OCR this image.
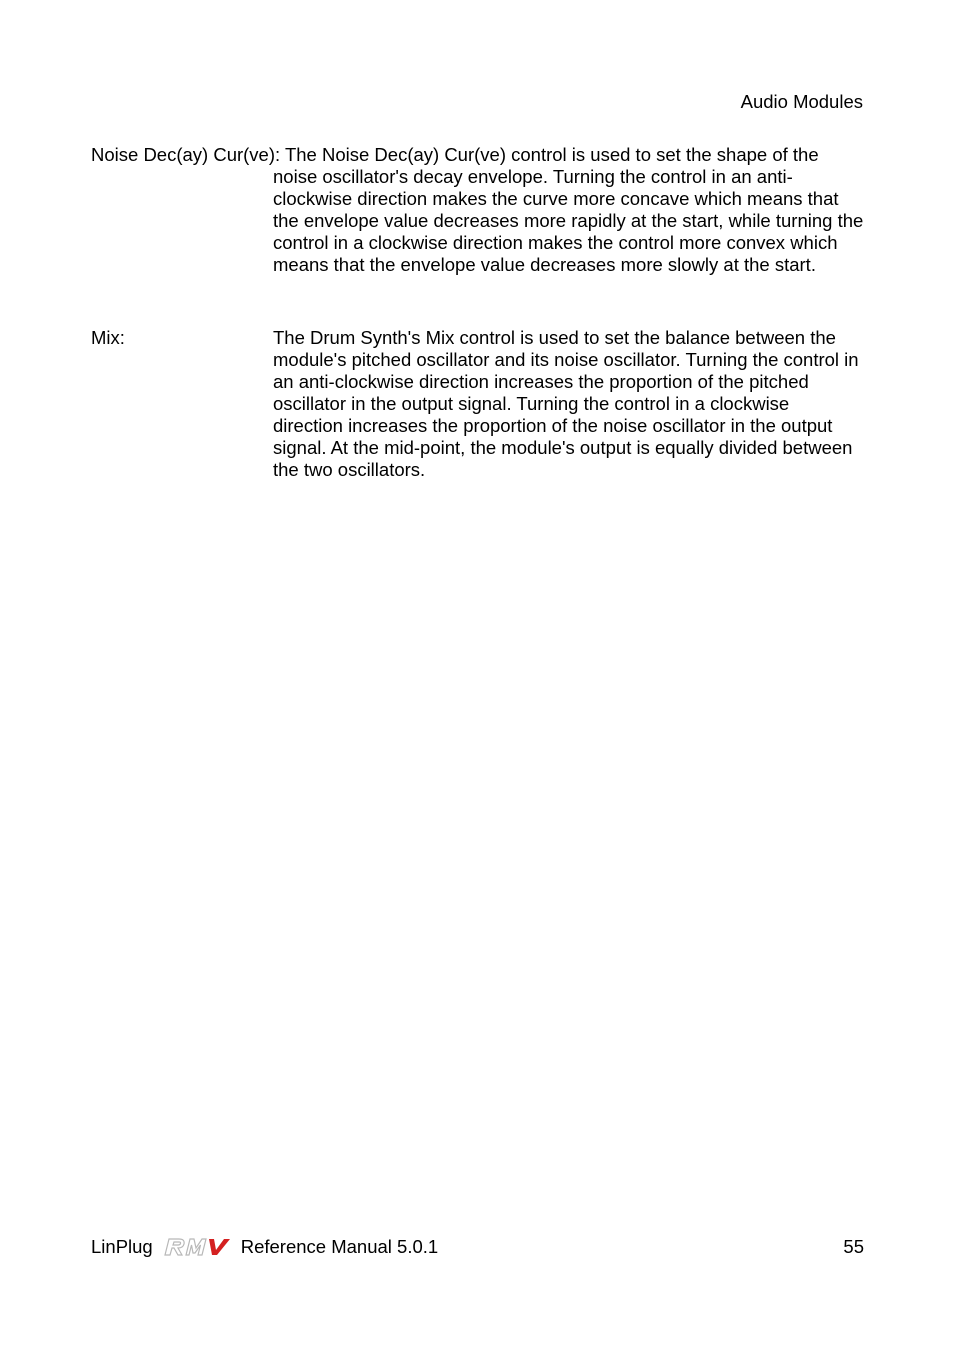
Audio Modules
Noise Dec(ay) Cur(ve): The Noise Dec(ay) Cur(ve) control is used to set the shape of the
noise oscillator's decay envelope. Turning the control in an anti-clockwise direction makes the curve more concave which means that the envelope value decreases more rapidly at the start, while turning the control in a clockwise direction makes the control more convex which means that the envelope value decreases more slowly at the start.
Mix:	The Drum Synth's Mix control is used to set the balance between the module's pitched oscillator and its noise oscillator. Turning the control in an anti-clockwise direction increases the proportion of the pitched oscillator in the output signal. Turning the control in a clockwise direction increases the proportion of the noise oscillator in the output signal. At the mid-point, the module's output is equally divided between the two oscillators.
LinPlug	Reference Manual 5.0.1	55
